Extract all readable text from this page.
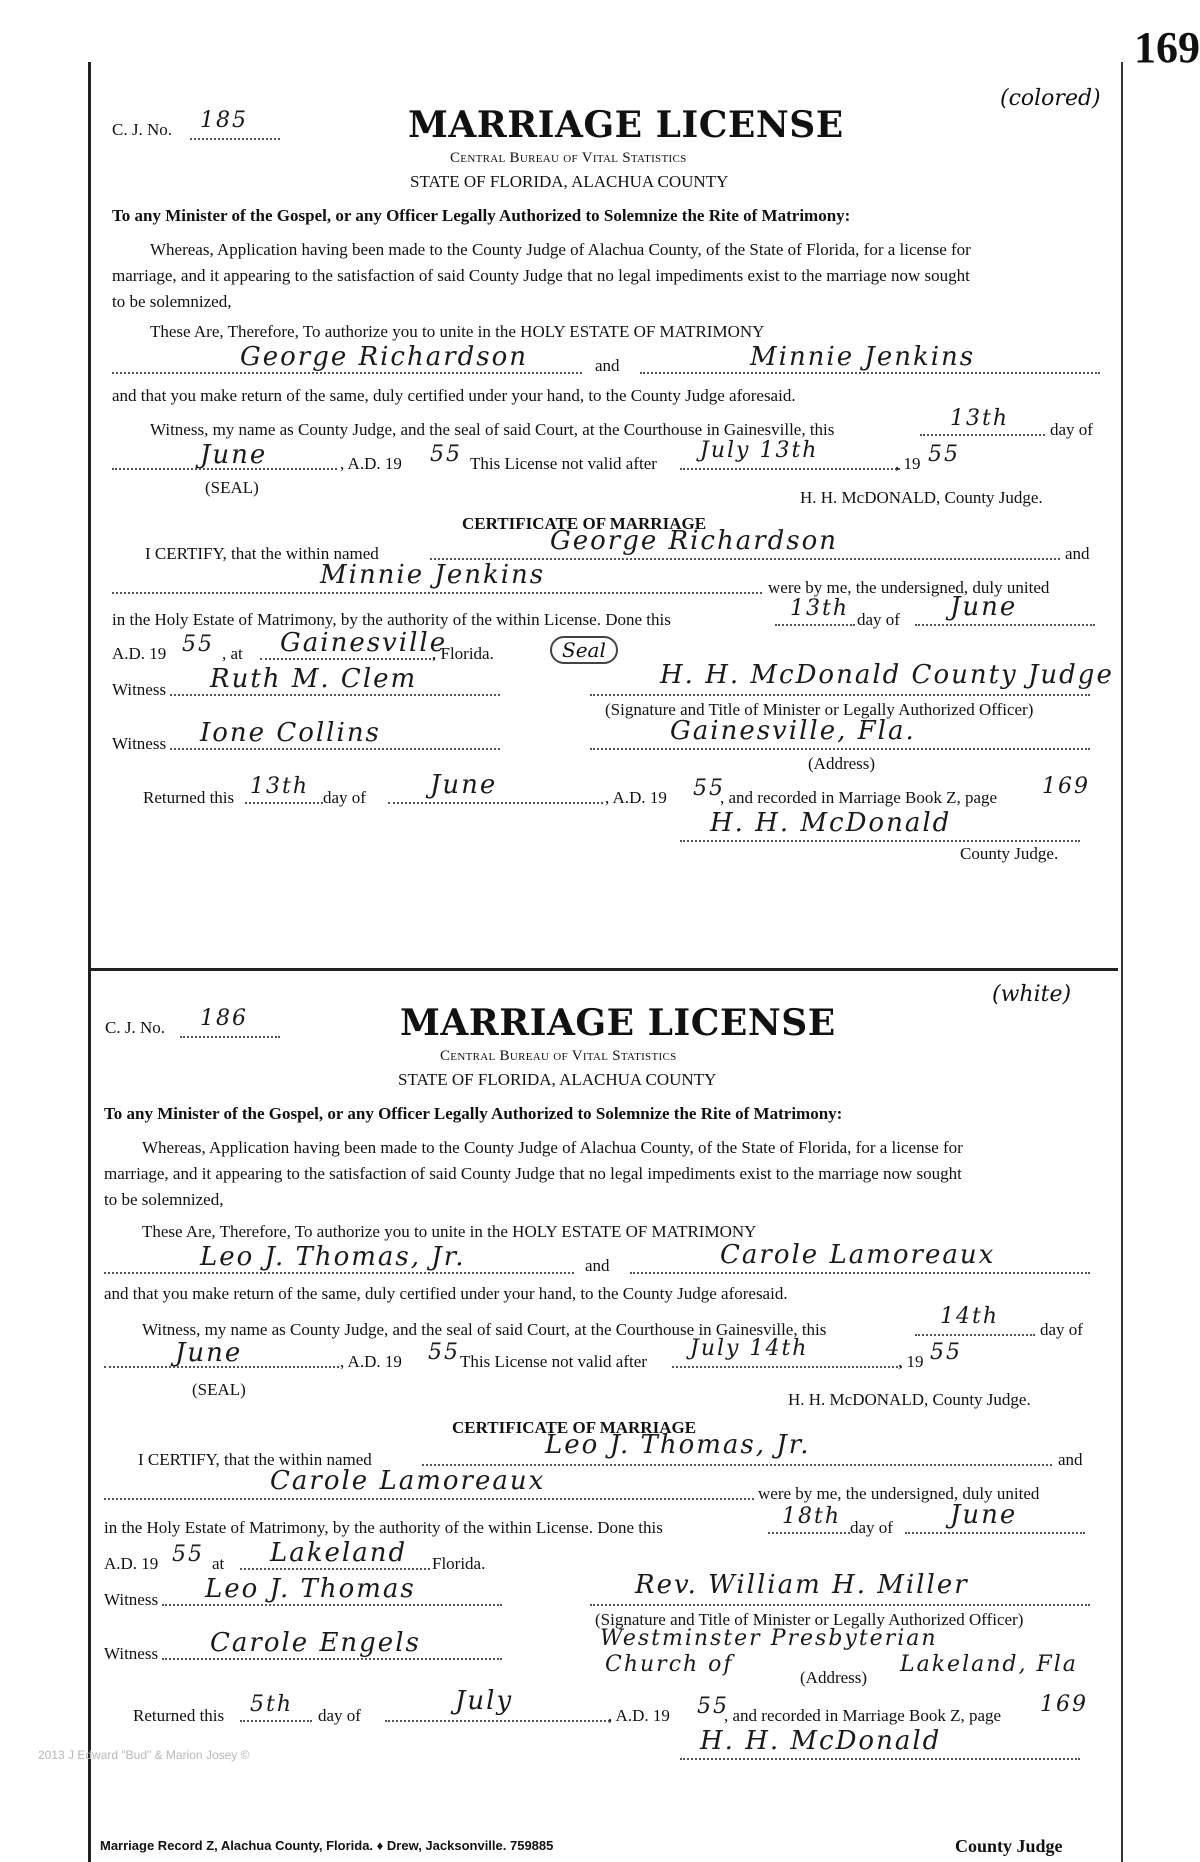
169
C. J. No. 185
(colored)
MARRIAGE LICENSE
Central Bureau of Vital Statistics
STATE OF FLORIDA, ALACHUA COUNTY
To any Minister of the Gospel, or any Officer Legally Authorized to Solemnize the Rite of Matrimony:
Whereas, Application having been made to the County Judge of Alachua County, of the State of Florida, for a license for
marriage, and it appearing to the satisfaction of said County Judge that no legal impediments exist to the marriage now sought
to be solemnized,
These Are, Therefore, To authorize you to unite in the HOLY ESTATE OF MATRIMONY
George Richardson	and	Minnie Jenkins
and that you make return of the same, duly certified under your hand, to the County Judge aforesaid.
Witness, my name as County Judge, and the seal of said Court, at the Courthouse in Gainesville, this	13th day of
June	, A.D. 19 55 This License not valid after
July 13th
, 19 55
(SEAL)
H. H. McDONALD, County Judge.
CERTIFICATE OF MARRIAGE
I CERTIFY, that the within named	George Richardson	and
Minnie Jenkins	were by me, the undersigned, duly united
in the Holy Estate of Matrimony, by the authority of the within License. Done this	13th day of June
A.D. 19 55 , at Gainesville
, Florida.	Seal
Witness Ruth M. Clem	H. H. McDonald County Judge
(Signature and Title of Minister or Legally Authorized Officer)
Witness Ione Collins	Gainesville, Fla.
(Address)
Returned this 13th day of June	, A.D. 19 55
, and recorded in Marriage Book Z, page 169
H. H. McDonald
County Judge.
C. J. No. 186
(white)
MARRIAGE LICENSE
Central Bureau of Vital Statistics
STATE OF FLORIDA, ALACHUA COUNTY
To any Minister of the Gospel, or any Officer Legally Authorized to Solemnize the Rite of Matrimony:
Whereas, Application having been made to the County Judge of Alachua County, of the State of Florida, for a license for
marriage, and it appearing to the satisfaction of said County Judge that no legal impediments exist to the marriage now sought
to be solemnized,
These Are, Therefore, To authorize you to unite in the HOLY ESTATE OF MATRIMONY
Leo J. Thomas, Jr.	and	Carole Lamoreaux
and that you make return of the same, duly certified under your hand, to the County Judge aforesaid.
Witness, my name as County Judge, and the seal of said Court, at the Courthouse in Gainesville, this
14th
day of
June	, A.D. 19 55 This License not valid after
July 14th
, 19 55
(SEAL)
H. H. McDONALD, County Judge.
CERTIFICATE OF MARRIAGE
I CERTIFY, that the within named	Leo J. Thomas, Jr.	and
Carole Lamoreaux	were by me, the undersigned, duly united
in the Holy Estate of Matrimony, by the authority of the within License. Done this	18th day of June
A.D. 19 55 at Lakeland Florida.
Witness Leo J. Thomas	Rev. William H. Miller
(Signature and Title of Minister or Legally Authorized Officer)
Witness Carole Engels	Westminster Presbyterian
Church of
(Address)
Lakeland, Fla
Returned this 5th day of	July	, A.D. 19 55
, and recorded in Marriage Book Z, page 169
H. H. McDonald
Marriage Record Z, Alachua County, Florida. ♦ Drew, Jacksonville. 759885	County Judge
2013 J Edward "Bud" & Marion Josey ©
